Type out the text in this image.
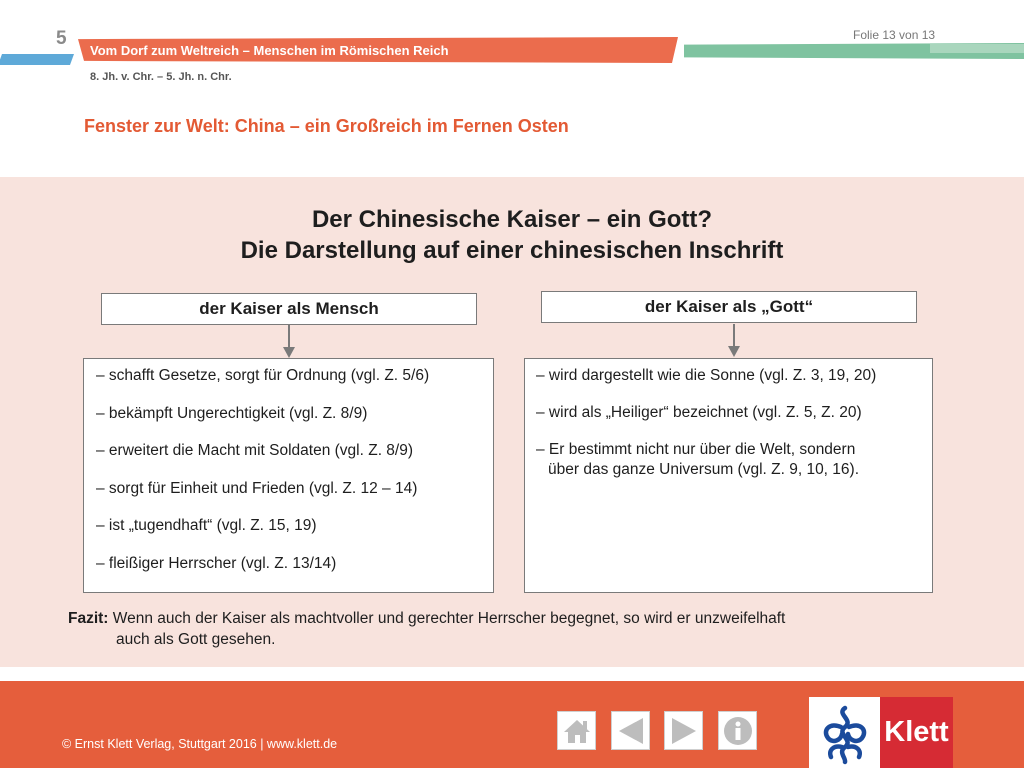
5	Folie 13 von 13
Vom Dorf zum Weltreich – Menschen im Römischen Reich
8. Jh. v. Chr. – 5. Jh. n. Chr.
Fenster zur Welt: China – ein Großreich im Fernen Osten
Der Chinesische Kaiser – ein Gott?
Die Darstellung auf einer chinesischen Inschrift
der Kaiser als Mensch	der Kaiser als „Gott“
– schafft Gesetze, sorgt für Ordnung (vgl. Z. 5/6)
– bekämpft Ungerechtigkeit (vgl. Z. 8/9)
– erweitert die Macht mit Soldaten (vgl. Z. 8/9)
– sorgt für Einheit und Frieden (vgl. Z. 12 – 14)
– ist „tugendhaft“ (vgl. Z. 15, 19)
– fleißiger Herrscher (vgl. Z. 13/14)
– wird dargestellt wie die Sonne (vgl. Z. 3, 19, 20)
– wird als „Heiliger“ bezeichnet (vgl. Z. 5, Z. 20)
– Er bestimmt nicht nur über die Welt, sondern
über das ganze Universum (vgl. Z. 9, 10, 16).
Fazit: Wenn auch der Kaiser als machtvoller und gerechter Herrscher begegnet, so wird er unzweifelhaft
auch als Gott gesehen.
© Ernst Klett Verlag, Stuttgart 2016 | www.klett.de	Klett
